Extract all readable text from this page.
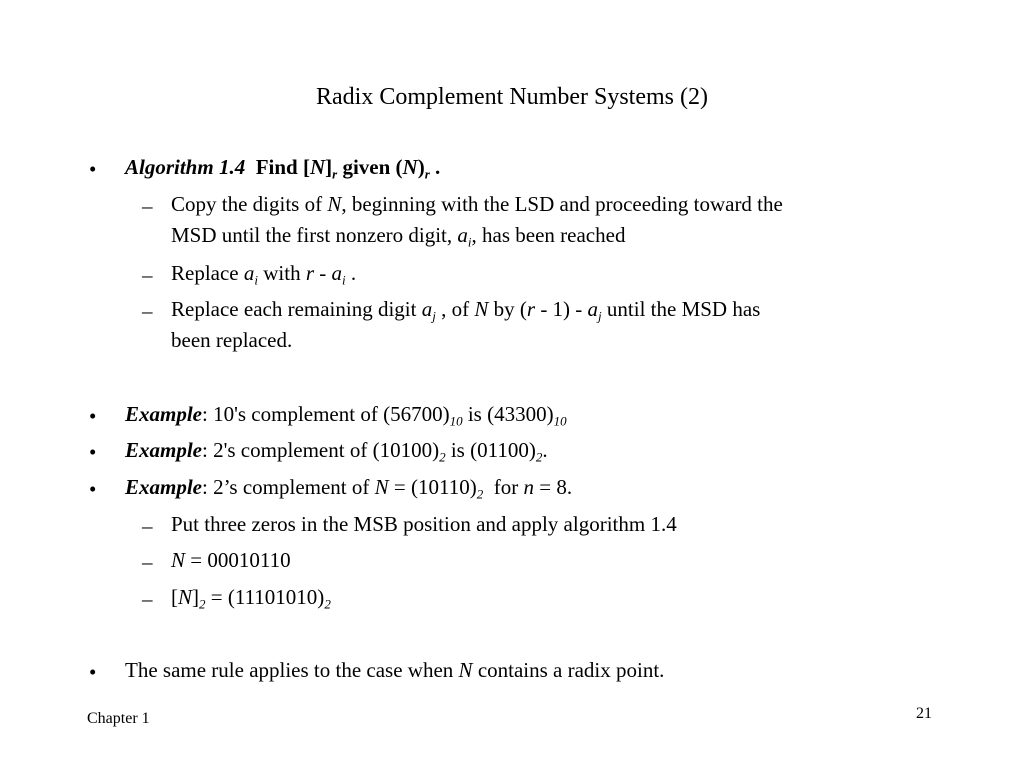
Radix Complement Number Systems (2)
• Algorithm 1.4 Find $[N]_r$ given $(N)_r$ .
– Copy the digits of N, beginning with the LSD and proceeding toward the
MSD until the first nonzero digit, $a_i$, has been reached
– Replace $a_i$ with r - $a_i$ .
– Replace each remaining digit $a_j$ , of N by $(r - 1) - a_j$ until the MSD has
been replaced.
• Example: 10's complement of $(56700)_{10}$ is $(43300)_{10}$
• Example: 2's complement of $(10100)_2$ is $(01100)_2$.
• Example: 2’s complement of $N = (10110)_2$  for n = 8.
– Put three zeros in the MSB position and apply algorithm 1.4
– N = 00010110
– $[N]_2 = (11101010)_2$
• The same rule applies to the case when N contains a radix point.
Chapter 1	21
